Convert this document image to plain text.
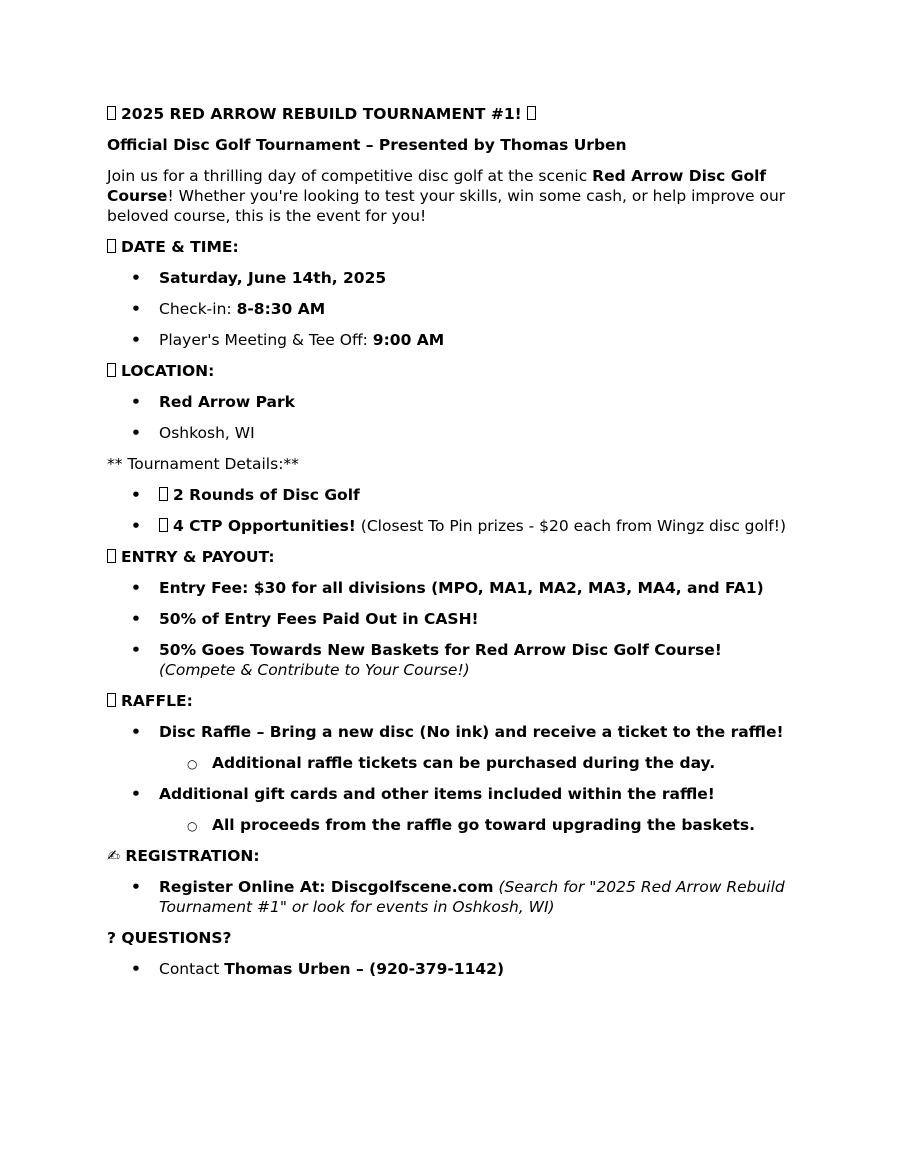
2025 RED ARROW REBUILD TOURNAMENT #1!

Official Disc Golf Tournament – Presented by Thomas Urben

Join us for a thrilling day of competitive disc golf at the scenic Red Arrow Disc Golf Course! Whether you're looking to test your skills, win some cash, or help improve our beloved course, this is the event for you!

DATE & TIME:

• Saturday, June 14th, 2025
• Check-in: 8-8:30 AM
• Player's Meeting & Tee Off: 9:00 AM

LOCATION:

• Red Arrow Park
• Oshkosh, WI

** Tournament Details:**

• 2 Rounds of Disc Golf
• 4 CTP Opportunities! (Closest To Pin prizes - $20 each from Wingz disc golf!)

ENTRY & PAYOUT:

• Entry Fee: $30 for all divisions (MPO, MA1, MA2, MA3, MA4, and FA1)
• 50% of Entry Fees Paid Out in CASH!
• 50% Goes Towards New Baskets for Red Arrow Disc Golf Course!
(Compete & Contribute to Your Course!)

RAFFLE:

• Disc Raffle – Bring a new disc (No ink) and receive a ticket to the raffle!
○ Additional raffle tickets can be purchased during the day.
• Additional gift cards and other items included within the raffle!
○ All proceeds from the raffle go toward upgrading the baskets.

✍ REGISTRATION:

• Register Online At: Discgolfscene.com (Search for "2025 Red Arrow Rebuild Tournament #1" or look for events in Oshkosh, WI)

? QUESTIONS?

• Contact Thomas Urben – (920-379-1142)
